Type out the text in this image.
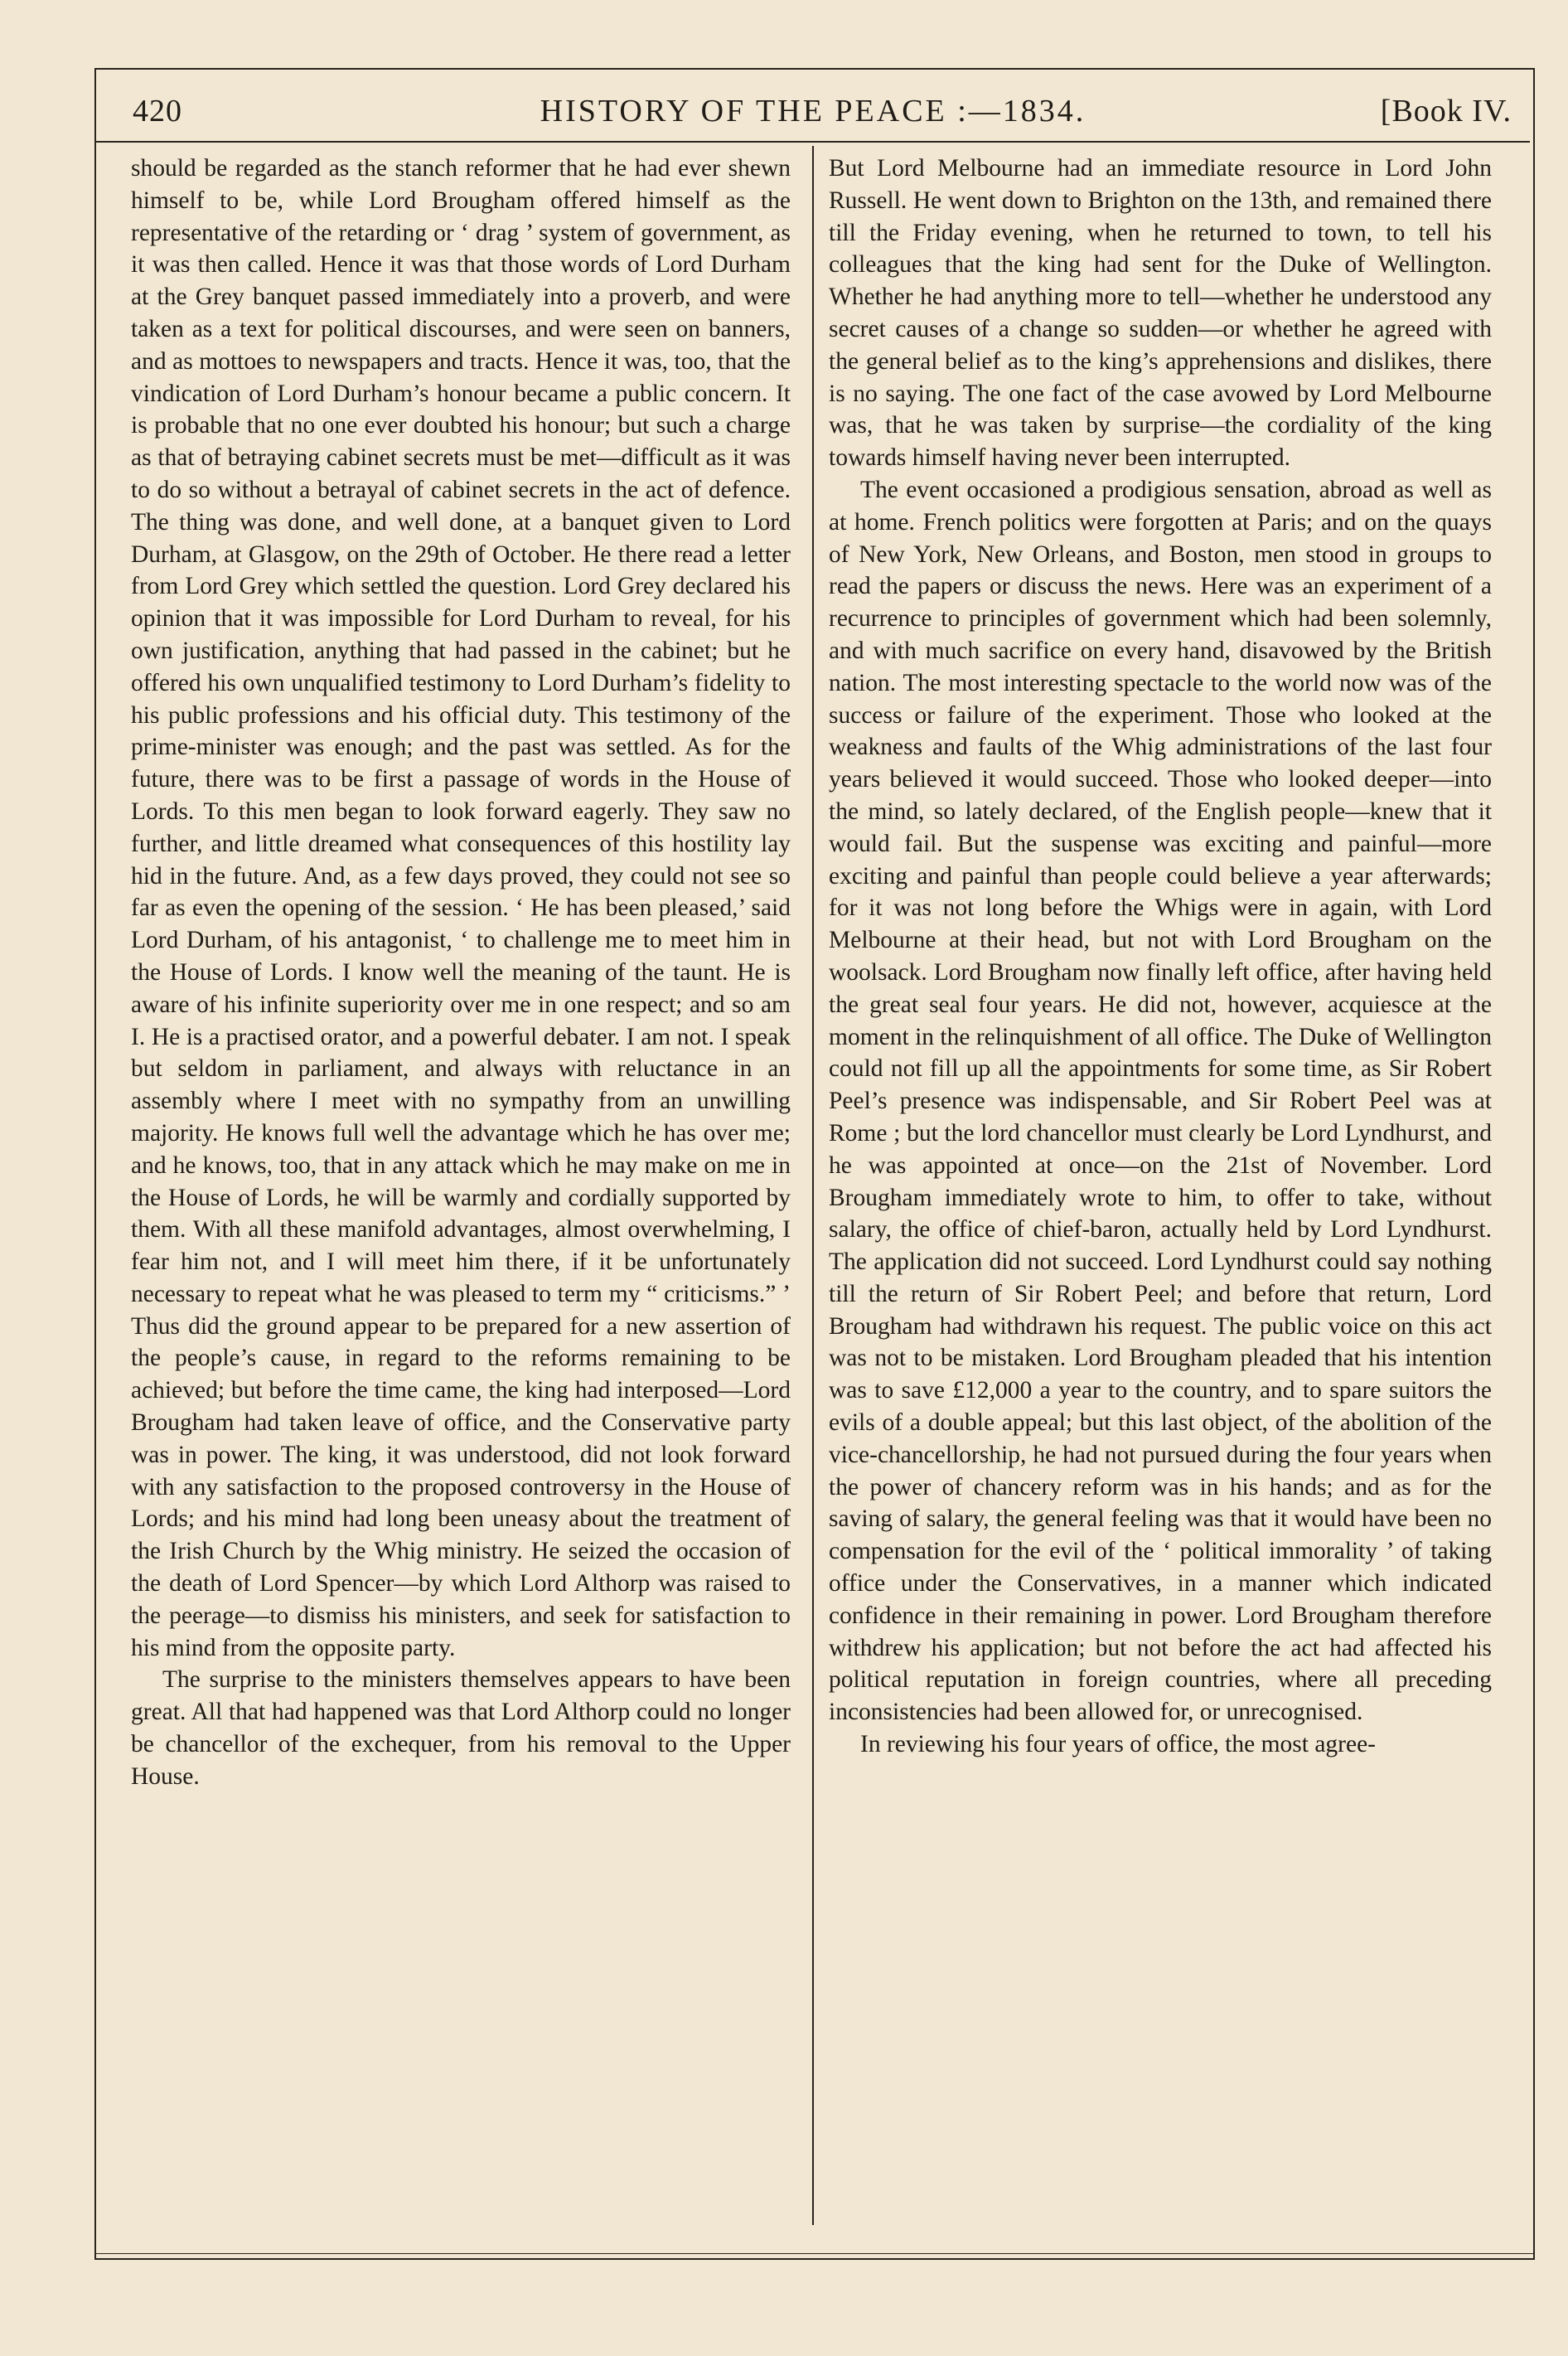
420	HISTORY OF THE PEACE :—1834.	[Book IV.

should be regarded as the stanch reformer that he had ever shewn himself to be, while Lord Brougham offered himself as the representative of the retarding or ‘ drag ’ system of government, as it was then called. Hence it was that those words of Lord Durham at the Grey banquet passed immediately into a proverb, and were taken as a text for political discourses, and were seen on banners, and as mottoes to newspapers and tracts. Hence it was, too, that the vindication of Lord Durham’s honour became a public concern. It is probable that no one ever doubted his honour; but such a charge as that of betraying cabinet secrets must be met—difficult as it was to do so without a betrayal of cabinet secrets in the act of defence. The thing was done, and well done, at a banquet given to Lord Durham, at Glasgow, on the 29th of October. He there read a letter from Lord Grey which settled the question. Lord Grey declared his opinion that it was impossible for Lord Durham to reveal, for his own justification, anything that had passed in the cabinet; but he offered his own unqualified testimony to Lord Durham’s fidelity to his public professions and his official duty. This testimony of the prime-minister was enough; and the past was settled. As for the future, there was to be first a passage of words in the House of Lords. To this men began to look forward eagerly. They saw no further, and little dreamed what consequences of this hostility lay hid in the future. And, as a few days proved, they could not see so far as even the opening of the session. ‘ He has been pleased,’ said Lord Durham, of his antagonist, ‘ to challenge me to meet him in the House of Lords. I know well the meaning of the taunt. He is aware of his infinite superiority over me in one respect; and so am I. He is a practised orator, and a powerful debater. I am not. I speak but seldom in parliament, and always with reluctance in an assembly where I meet with no sympathy from an unwilling majority. He knows full well the advantage which he has over me; and he knows, too, that in any attack which he may make on me in the House of Lords, he will be warmly and cordially supported by them. With all these manifold advantages, almost overwhelming, I fear him not, and I will meet him there, if it be unfortunately necessary to repeat what he was pleased to term my “ criticisms.” ’ Thus did the ground appear to be prepared for a new assertion of the people’s cause, in regard to the reforms remaining to be achieved; but before the time came, the king had interposed—Lord Brougham had taken leave of office, and the Conservative party was in power. The king, it was understood, did not look forward with any satisfaction to the proposed controversy in the House of Lords; and his mind had long been uneasy about the treatment of the Irish Church by the Whig ministry. He seized the occasion of the death of Lord Spencer—by which Lord Althorp was raised to the peerage—to dismiss his ministers, and seek for satisfaction to his mind from the opposite party.

The surprise to the ministers themselves appears to have been great. All that had happened was that Lord Althorp could no longer be chancellor of the exchequer, from his removal to the Upper House.

But Lord Melbourne had an immediate resource in Lord John Russell. He went down to Brighton on the 13th, and remained there till the Friday evening, when he returned to town, to tell his colleagues that the king had sent for the Duke of Wellington. Whether he had anything more to tell—whether he understood any secret causes of a change so sudden—or whether he agreed with the general belief as to the king’s apprehensions and dislikes, there is no saying. The one fact of the case avowed by Lord Melbourne was, that he was taken by surprise—the cordiality of the king towards himself having never been interrupted.

The event occasioned a prodigious sensation, abroad as well as at home. French politics were forgotten at Paris; and on the quays of New York, New Orleans, and Boston, men stood in groups to read the papers or discuss the news. Here was an experiment of a recurrence to principles of government which had been solemnly, and with much sacrifice on every hand, disavowed by the British nation. The most interesting spectacle to the world now was of the success or failure of the experiment. Those who looked at the weakness and faults of the Whig administrations of the last four years believed it would succeed. Those who looked deeper—into the mind, so lately declared, of the English people—knew that it would fail. But the suspense was exciting and painful—more exciting and painful than people could believe a year afterwards; for it was not long before the Whigs were in again, with Lord Melbourne at their head, but not with Lord Brougham on the woolsack. Lord Brougham now finally left office, after having held the great seal four years. He did not, however, acquiesce at the moment in the relinquishment of all office. The Duke of Wellington could not fill up all the appointments for some time, as Sir Robert Peel’s presence was indispensable, and Sir Robert Peel was at Rome ; but the lord chancellor must clearly be Lord Lyndhurst, and he was appointed at once—on the 21st of November. Lord Brougham immediately wrote to him, to offer to take, without salary, the office of chief-baron, actually held by Lord Lyndhurst. The application did not succeed. Lord Lyndhurst could say nothing till the return of Sir Robert Peel; and before that return, Lord Brougham had withdrawn his request. The public voice on this act was not to be mistaken. Lord Brougham pleaded that his intention was to save £12,000 a year to the country, and to spare suitors the evils of a double appeal; but this last object, of the abolition of the vice-chancellorship, he had not pursued during the four years when the power of chancery reform was in his hands; and as for the saving of salary, the general feeling was that it would have been no compensation for the evil of the ‘ political immorality ’ of taking office under the Conservatives, in a manner which indicated confidence in their remaining in power. Lord Brougham therefore withdrew his application; but not before the act had affected his political reputation in foreign countries, where all preceding inconsistencies had been allowed for, or unrecognised.

In reviewing his four years of office, the most agree-
